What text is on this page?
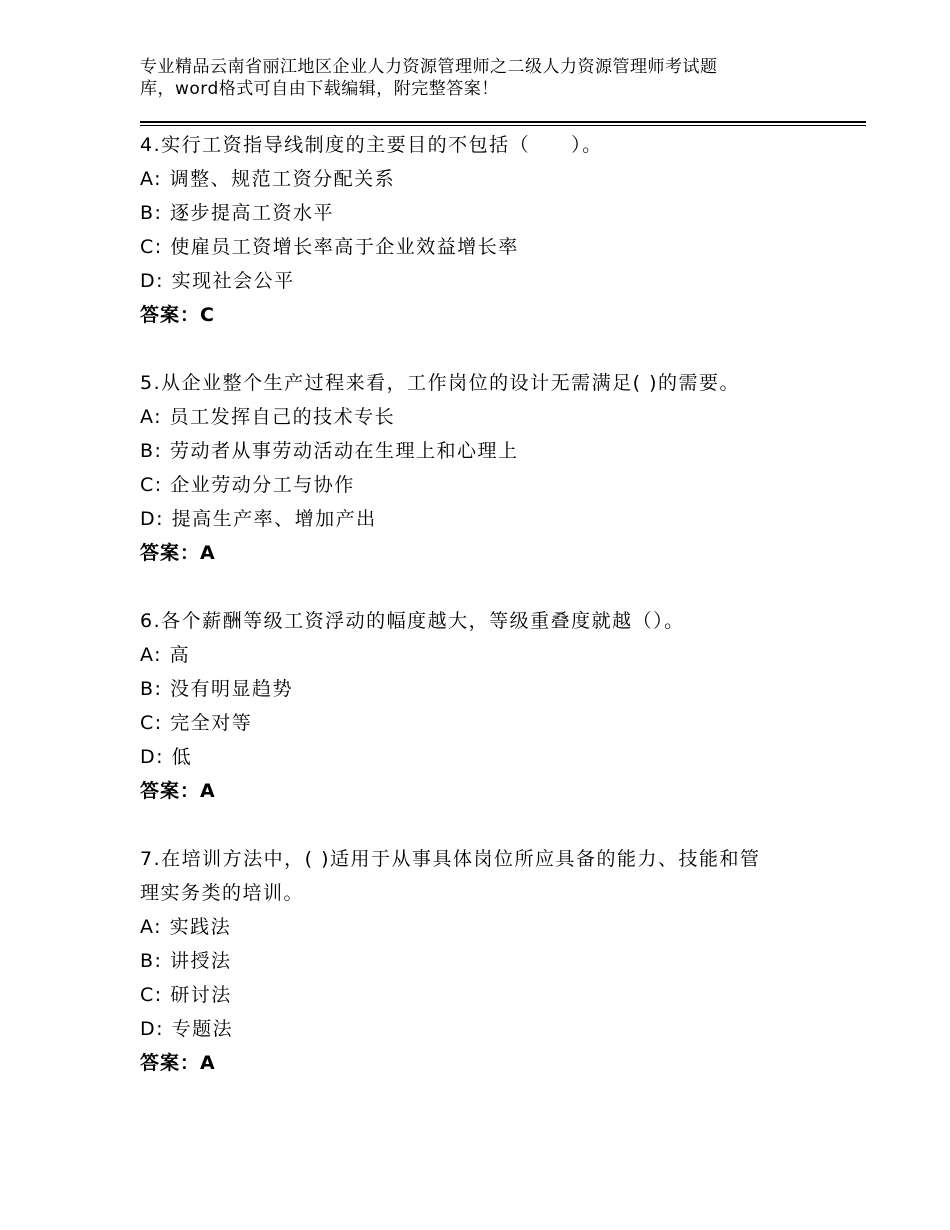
专业精品云南省丽江地区企业人力资源管理师之二级人力资源管理师考试题
库，word格式可自由下载编辑，附完整答案！
4.实行工资指导线制度的主要目的不包括（　　）。
A: 调整、规范工资分配关系
B: 逐步提高工资水平
C: 使雇员工资增长率高于企业效益增长率
D: 实现社会公平
答案：C
5.从企业整个生产过程来看，工作岗位的设计无需满足( )的需要。
A: 员工发挥自己的技术专长
B: 劳动者从事劳动活动在生理上和心理上
C: 企业劳动分工与协作
D: 提高生产率、增加产出
答案：A
6.各个薪酬等级工资浮动的幅度越大，等级重叠度就越（）。
A: 高
B: 没有明显趋势
C: 完全对等
D: 低
答案：A
7.在培训方法中，( )适用于从事具体岗位所应具备的能力、技能和管
理实务类的培训。
A: 实践法
B: 讲授法
C: 研讨法
D: 专题法
答案：A
